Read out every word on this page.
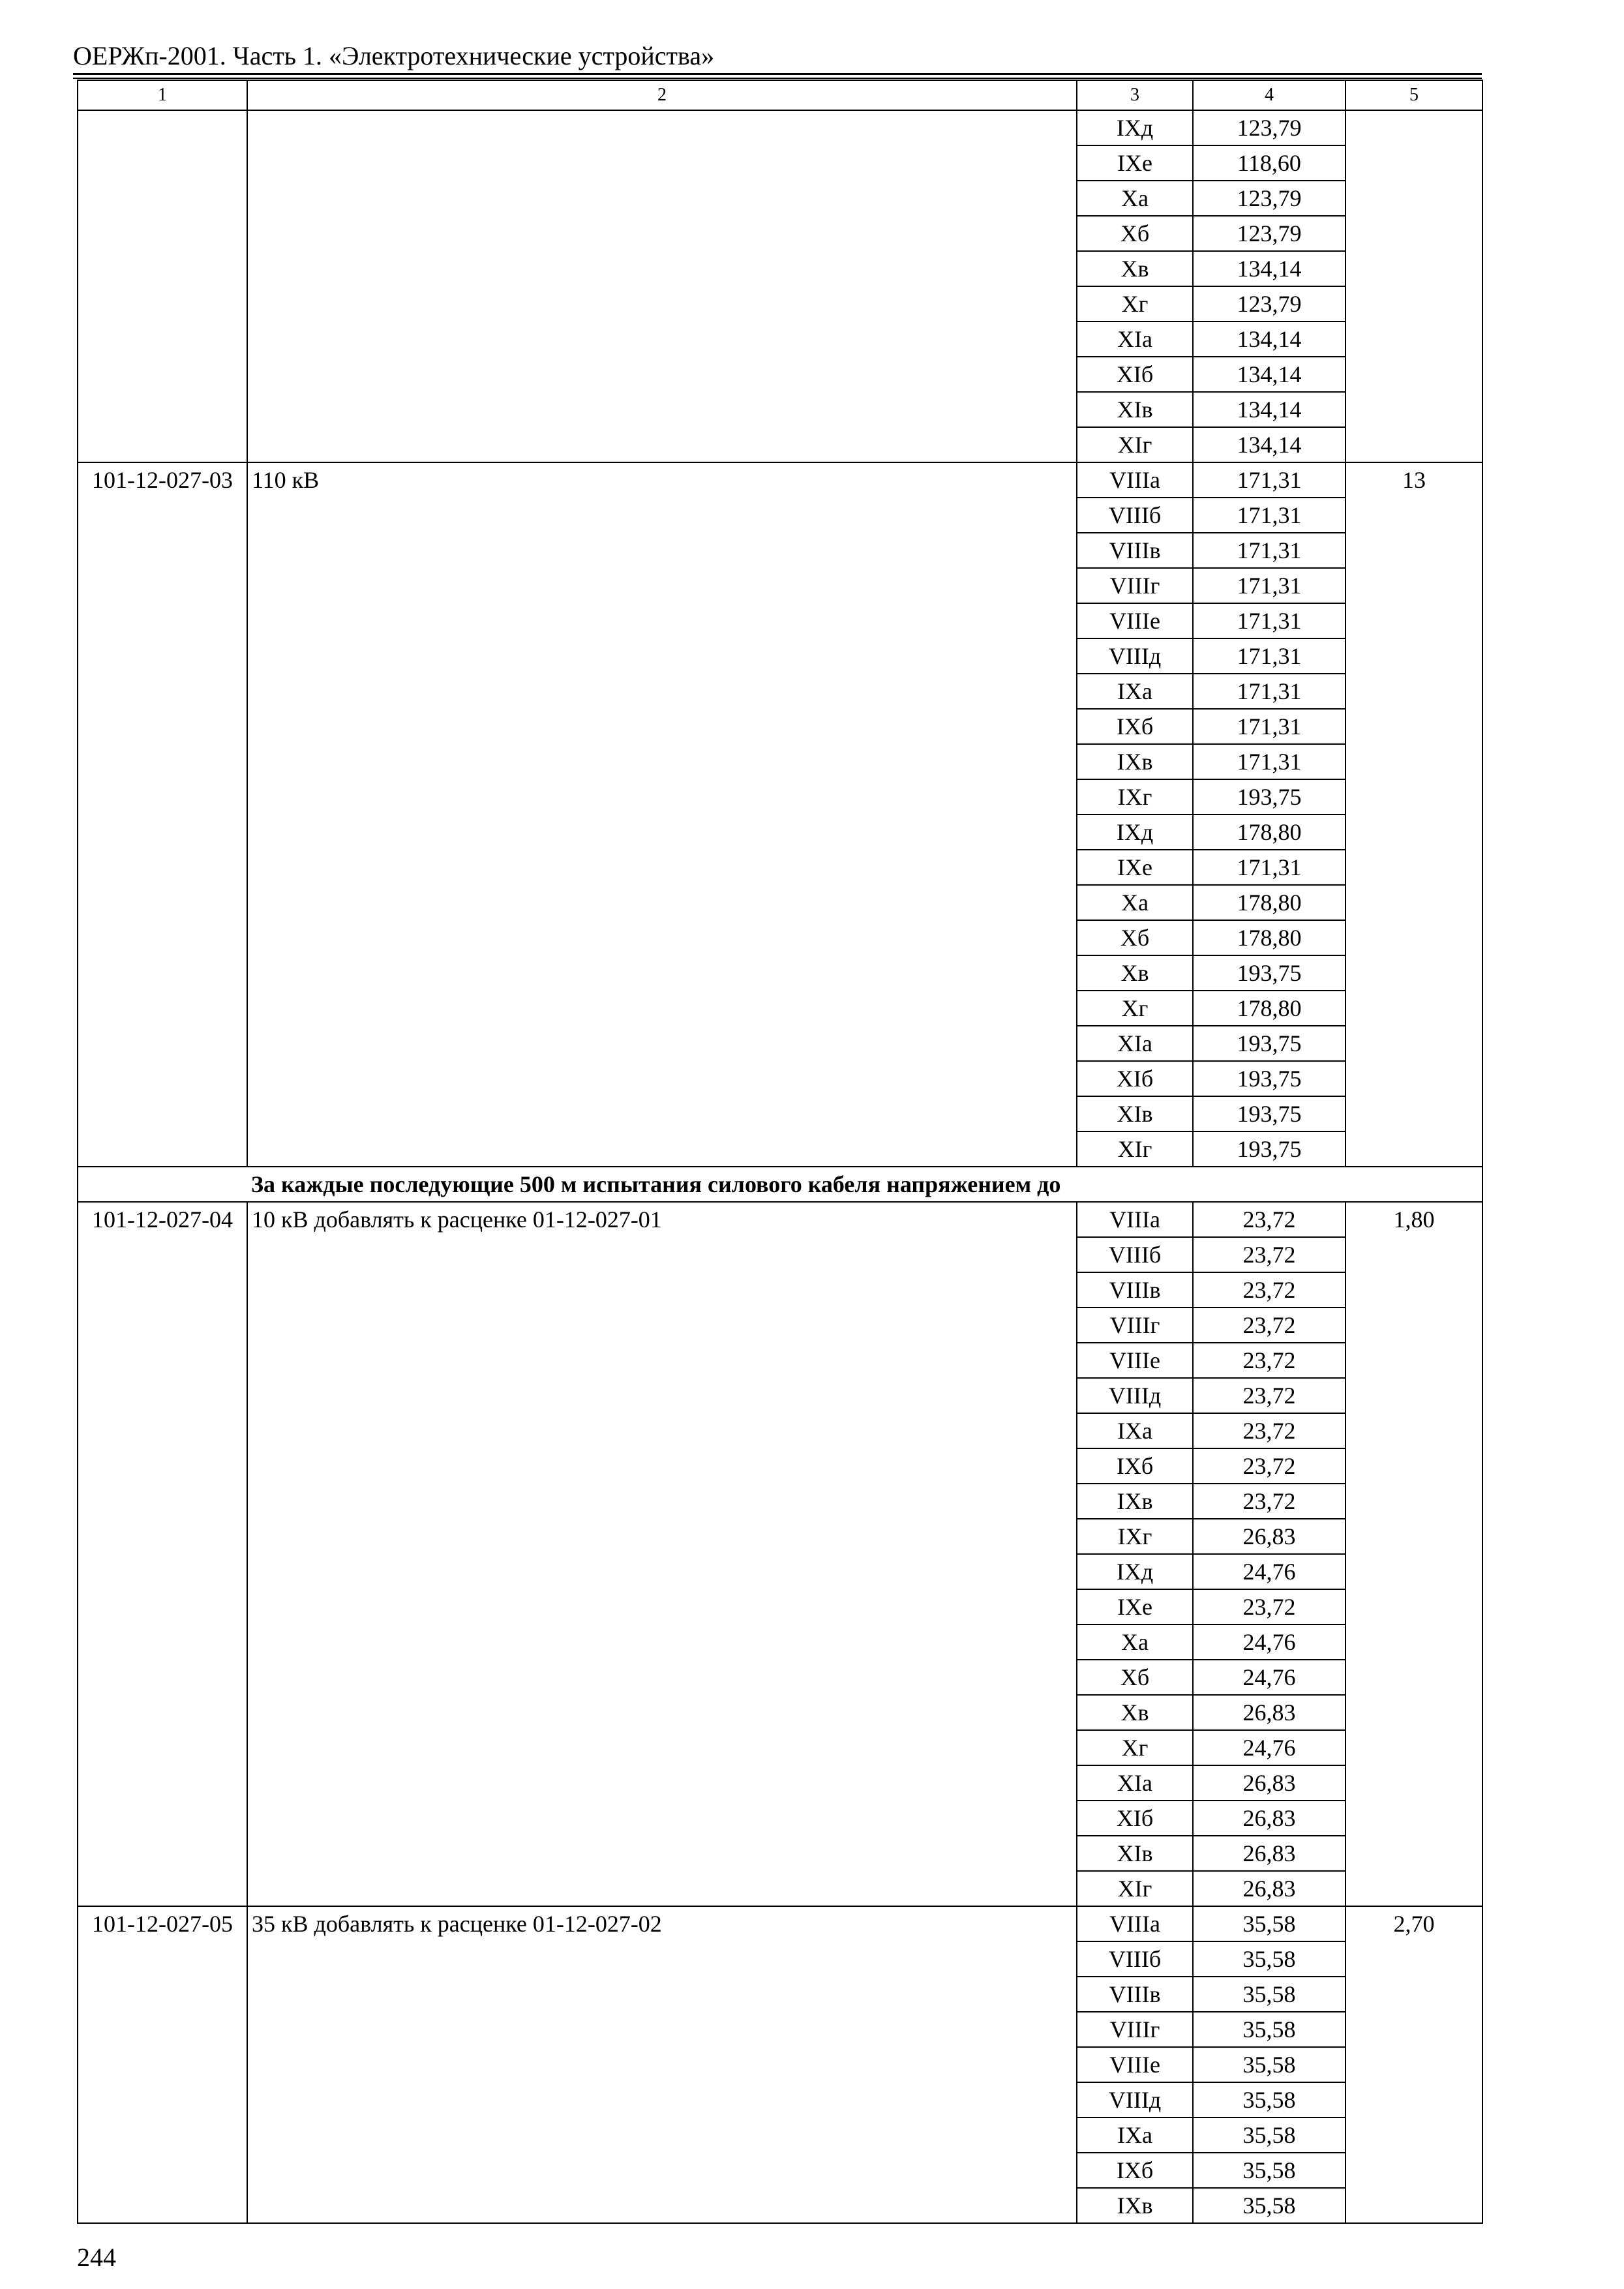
ОЕРЖп-2001. Часть 1. «Электротехнические устройства»
1	2	3	4	5
		IXд	123,79	
		IXe	118,60	
		Xa	123,79	
		Xб	123,79	
		Xв	134,14	
		Xг	123,79	
		XIa	134,14	
		XIб	134,14	
		XIв	134,14	
		XIг	134,14	
101-12-027-03	110 кВ	VIIIa	171,31	13
		VIIIб	171,31	
		VIIIв	171,31	
		VIIIг	171,31	
		VIIIe	171,31	
		VIIIд	171,31	
		IXa	171,31	
		IXб	171,31	
		IXв	171,31	
		IXг	193,75	
		IXд	178,80	
		IXe	171,31	
		Xa	178,80	
		Xб	178,80	
		Xв	193,75	
		Xг	178,80	
		XIa	193,75	
		XIб	193,75	
		XIв	193,75	
		XIг	193,75	
	За каждые последующие 500 м испытания силового кабеля напряжением до			
101-12-027-04	10 кВ добавлять к расценке 01-12-027-01	VIIIa	23,72	1,80
		VIIIб	23,72	
		VIIIв	23,72	
		VIIIг	23,72	
		VIIIe	23,72	
		VIIIд	23,72	
		IXa	23,72	
		IXб	23,72	
		IXв	23,72	
		IXг	26,83	
		IXд	24,76	
		IXe	23,72	
		Xa	24,76	
		Xб	24,76	
		Xв	26,83	
		Xг	24,76	
		XIa	26,83	
		XIб	26,83	
		XIв	26,83	
		XIг	26,83	
101-12-027-05	35 кВ добавлять к расценке 01-12-027-02	VIIIa	35,58	2,70
		VIIIб	35,58	
		VIIIв	35,58	
		VIIIг	35,58	
		VIIIe	35,58	
		VIIIд	35,58	
		IXa	35,58	
		IXб	35,58	
		IXв	35,58	
244
